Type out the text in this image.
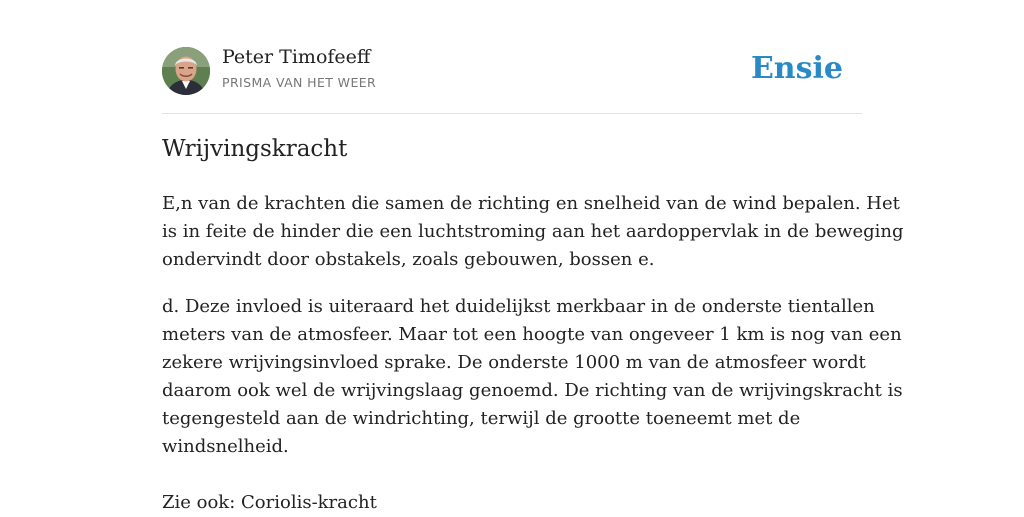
Peter Timofeeff
PRISMA VAN HET WEER	Ensie
Wrijvingskracht

E,n van de krachten die samen de richting en snelheid van de wind bepalen. Het
is in feite de hinder die een luchtstroming aan het aardoppervlak in de beweging
ondervindt door obstakels, zoals gebouwen, bossen e.

d. Deze invloed is uiteraard het duidelijkst merkbaar in de onderste tientallen
meters van de atmosfeer. Maar tot een hoogte van ongeveer 1 km is nog van een
zekere wrijvingsinvloed sprake. De onderste 1000 m van de atmosfeer wordt
daarom ook wel de wrijvingslaag genoemd. De richting van de wrijvingskracht is
tegengesteld aan de windrichting, terwijl de grootte toeneemt met de
windsnelheid.

Zie ook: Coriolis-kracht
